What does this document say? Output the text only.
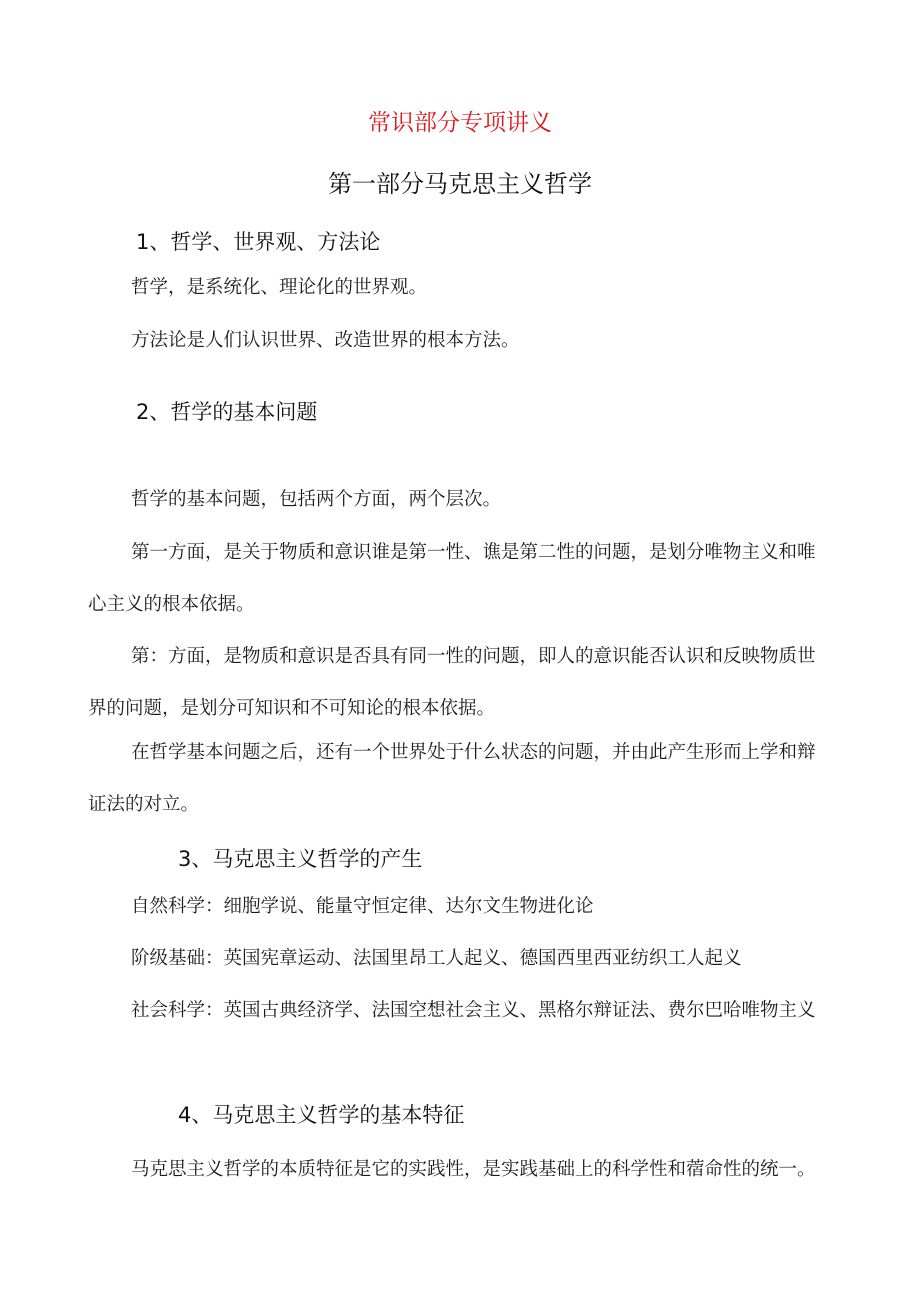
常识部分专项讲义
第一部分马克思主义哲学
1、哲学、世界观、方法论
哲学，是系统化、理论化的世界观。
方法论是人们认识世界、改造世界的根本方法。
2、哲学的基本问题
哲学的基本问题，包括两个方面，两个层次。
第一方面，是关于物质和意识谁是第一性、谯是第二性的问题，是划分唯物主义和唯心主义的根本依据。
第：方面，是物质和意识是否具有同一性的问题，即人的意识能否认识和反映物质世界的问题，是划分可知识和不可知论的根本依据。
在哲学基本问题之后，还有一个世界处于什么状态的问题，并由此产生形而上学和辩证法的对立。
3、马克思主义哲学的产生
自然科学：细胞学说、能量守恒定律、达尔文生物进化论
阶级基础：英国宪章运动、法国里昂工人起义、德国西里西亚纺织工人起义
社会科学：英国古典经济学、法国空想社会主义、黑格尔辩证法、费尔巴哈唯物主义
4、马克思主义哲学的基本特征
马克思主义哲学的本质特征是它的实践性，是实践基础上的科学性和蓿命性的统一。
